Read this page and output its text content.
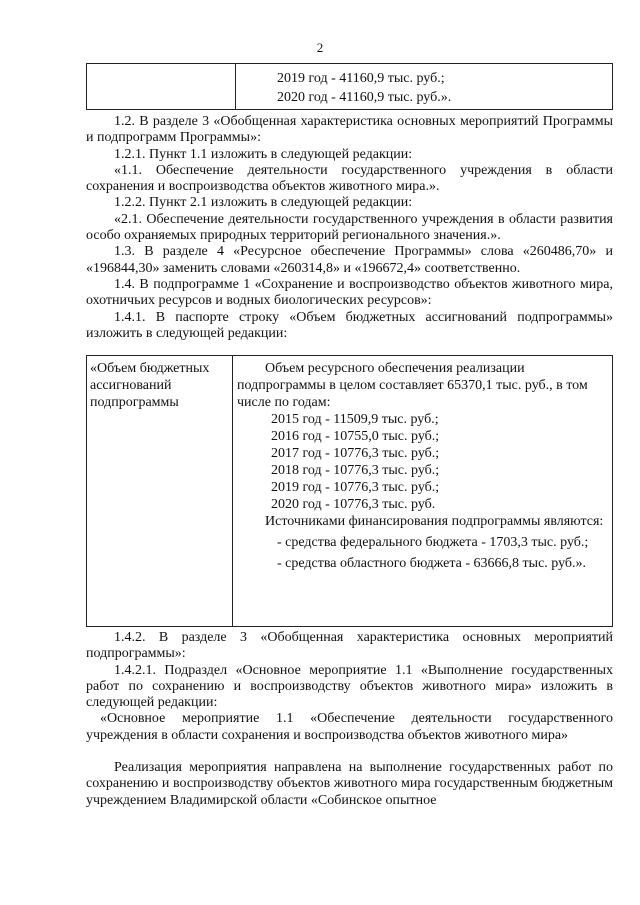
2
2019 год - 41160,9 тыс. руб.;
2020 год - 41160,9 тыс. руб.».

1.2. В разделе 3 «Обобщенная характеристика основных мероприятий Программы и подпрограмм Программы»:

1.2.1. Пункт 1.1 изложить в следующей редакции:

«1.1. Обеспечение деятельности государственного учреждения в области сохранения и воспроизводства объектов животного мира.».

1.2.2. Пункт 2.1 изложить в следующей редакции:

«2.1. Обеспечение деятельности государственного учреждения в области развития особо охраняемых природных территорий регионального значения.».

1.3. В разделе 4 «Ресурсное обеспечение Программы» слова «260486,70» и «196844,30» заменить словами «260314,8» и «196672,4» соответственно.

1.4. В подпрограмме 1 «Сохранение и воспроизводство объектов животного мира, охотничьих ресурсов и водных биологических ресурсов»:

1.4.1. В паспорте строку «Объем бюджетных ассигнований подпрограммы» изложить в следующей редакции:

«Объем бюджетных ассигнований подпрограммы

Объем ресурсного обеспечения реализации подпрограммы в целом составляет 65370,1 тыс. руб., в том числе по годам:

2015 год - 11509,9 тыс. руб.;

2016 год - 10755,0 тыс. руб.;

2017 год - 10776,3 тыс. руб.;

2018 год - 10776,3 тыс. руб.;

2019 год - 10776,3 тыс. руб.;

2020 год - 10776,3 тыс. руб.

Источниками финансирования подпрограммы являются:

- средства федерального бюджета - 1703,3 тыс. руб.;

- средства областного бюджета - 63666,8 тыс. руб.».

1.4.2. В разделе 3 «Обобщенная характеристика основных мероприятий подпрограммы»:

1.4.2.1. Подраздел «Основное мероприятие 1.1 «Выполнение государственных работ по сохранению и воспроизводству объектов животного мира» изложить в следующей редакции:

«Основное мероприятие 1.1 «Обеспечение деятельности государственного учреждения в области сохранения и воспроизводства объектов животного мира»

Реализация мероприятия направлена на выполнение государственных работ по сохранению и воспроизводству объектов животного мира государственным бюджетным учреждением Владимирской области «Собинское опытное
